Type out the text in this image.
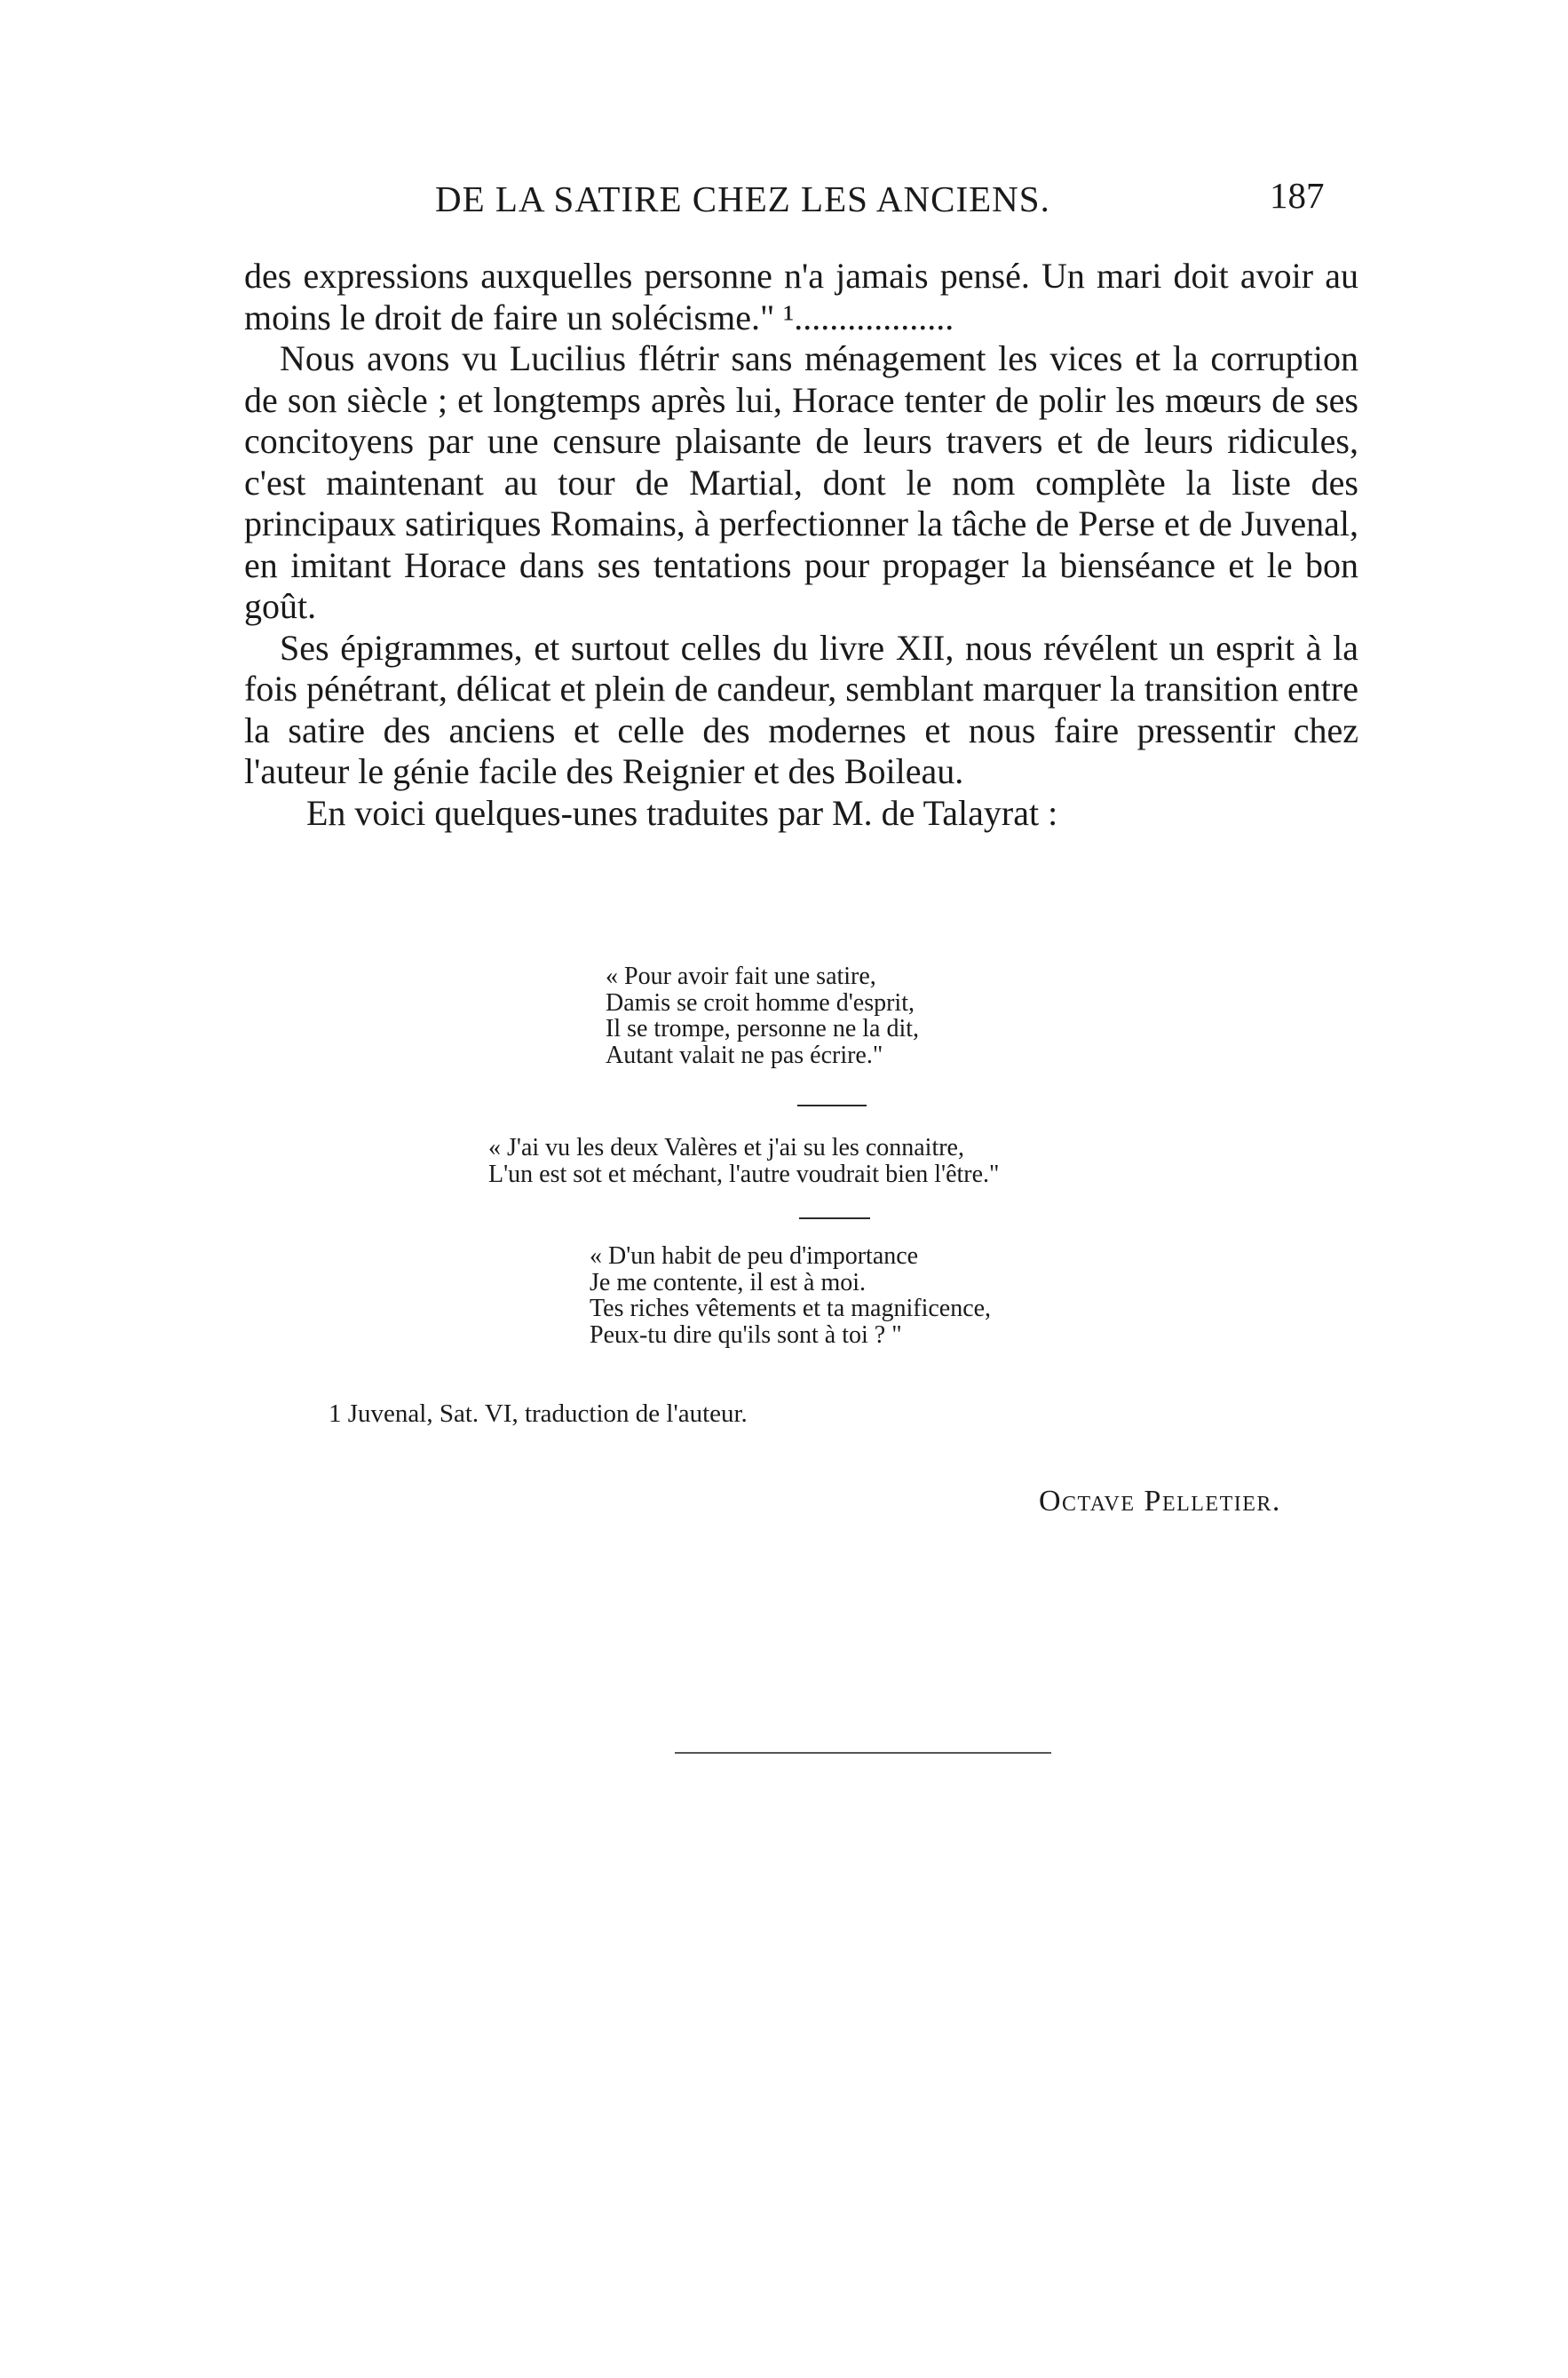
DE LA SATIRE CHEZ LES ANCIENS.	187

des expressions auxquelles personne n'a jamais pensé. Un mari doit avoir au moins le droit de faire un solécisme." ¹..................

Nous avons vu Lucilius flétrir sans ménagement les vices et la corruption de son siècle ; et longtemps après lui, Horace tenter de polir les mœurs de ses concitoyens par une censure plaisante de leurs travers et de leurs ridicules, c'est maintenant au tour de Martial, dont le nom complète la liste des principaux satiriques Romains, à perfectionner la tâche de Perse et de Juvenal, en imitant Horace dans ses tentations pour propager la bienséance et le bon goût.

Ses épigrammes, et surtout celles du livre XII, nous révélent un esprit à la fois pénétrant, délicat et plein de candeur, semblant marquer la transition entre la satire des anciens et celle des modernes et nous faire pressentir chez l'auteur le génie facile des Reignier et des Boileau.

En voici quelques-unes traduites par M. de Talayrat :

« Pour avoir fait une satire,
Damis se croit homme d'esprit,
Il se trompe, personne ne la dit,
Autant valait ne pas écrire."
« J'ai vu les deux Valères et j'ai su les connaitre,
L'un est sot et méchant, l'autre voudrait bien l'être."
« D'un habit de peu d'importance
Je me contente, il est à moi.
Tes riches vêtements et ta magnificence,
Peux-tu dire qu'ils sont à toi ? "
1 Juvenal, Sat. VI, traduction de l'auteur.
Octave Pelletier.
